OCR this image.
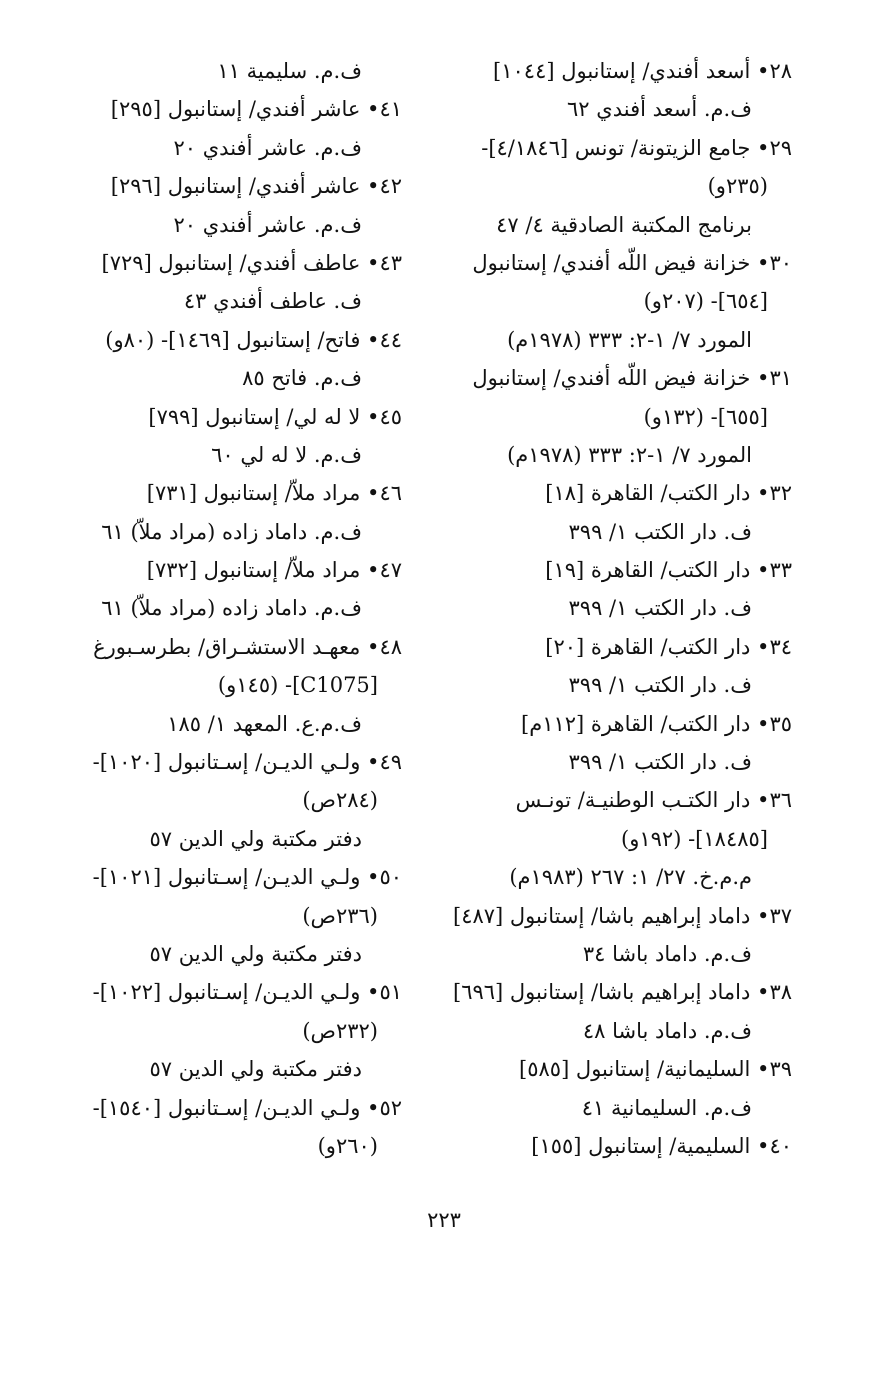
٢٨• أسعد أفندي/ إستانبول [١٠٤٤]
ف.م. أسعد أفندي ٦٢
٢٩• جامع الزيتونة/ تونس [٤/١٨٤٦]-
(٢٣٥و)
برنامج المكتبة الصادقية ٤/ ٤٧
٣٠• خزانة فيض اللّه أفندي/ إستانبول
[٦٥٤]- (٢٠٧و)
المورد ٧/ ١-٢: ٣٣٣ (١٩٧٨م)
٣١• خزانة فيض اللّه أفندي/ إستانبول
[٦٥٥]- (١٣٢و)
المورد ٧/ ١-٢: ٣٣٣ (١٩٧٨م)
٣٢• دار الكتب/ القاهرة [١٨]
ف. دار الكتب ١/ ٣٩٩
٣٣• دار الكتب/ القاهرة [١٩]
ف. دار الكتب ١/ ٣٩٩
٣٤• دار الكتب/ القاهرة [٢٠]
ف. دار الكتب ١/ ٣٩٩
٣٥• دار الكتب/ القاهرة [١١٢م]
ف. دار الكتب ١/ ٣٩٩
٣٦• دار الكتـب الوطنيـة/ تونـس
[١٨٤٨٥]- (١٩٢و)
م.م.خ. ٢٧/ ١: ٢٦٧ (١٩٨٣م)
٣٧• داماد إبراهيم باشا/ إستانبول [٤٨٧]
ف.م. داماد باشا ٣٤
٣٨• داماد إبراهيم باشا/ إستانبول [٦٩٦]
ف.م. داماد باشا ٤٨
٣٩• السليمانية/ إستانبول [٥٨٥]
ف.م. السليمانية ٤١
٤٠• السليمية/ إستانبول [١٥٥]
ف.م. سليمية ١١
٤١• عاشر أفندي/ إستانبول [٢٩٥]
ف.م. عاشر أفندي ٢٠
٤٢• عاشر أفندي/ إستانبول [٢٩٦]
ف.م. عاشر أفندي ٢٠
٤٣• عاطف أفندي/ إستانبول [٧٢٩]
ف. عاطف أفندي ٤٣
٤٤• فاتح/ إستانبول [١٤٦٩]- (٨٠و)
ف.م. فاتح ٨٥
٤٥• لا له لي/ إستانبول [٧٩٩]
ف.م. لا له لي ٦٠
٤٦• مراد ملاّ/ إستانبول [٧٣١]
ف.م. داماد زاده (مراد ملاّ) ٦١
٤٧• مراد ملاّ/ إستانبول [٧٣٢]
ف.م. داماد زاده (مراد ملاّ) ٦١
٤٨• معهـد الاستشـراق/ بطرسـبورغ
[C1075]- (١٤٥و)
ف.م.ع. المعهد ١/ ١٨٥
٤٩• ولـي الديـن/ إسـتانبول [١٠٢٠]-
(٢٨٤ص)
دفتر مكتبة ولي الدين ٥٧
٥٠• ولـي الديـن/ إسـتانبول [١٠٢١]-
(٢٣٦ص)
دفتر مكتبة ولي الدين ٥٧
٥١• ولـي الديـن/ إسـتانبول [١٠٢٢]-
(٢٣٢ص)
دفتر مكتبة ولي الدين ٥٧
٥٢• ولـي الديـن/ إسـتانبول [١٥٤٠]-
(٢٦٠و)
٢٢٣
